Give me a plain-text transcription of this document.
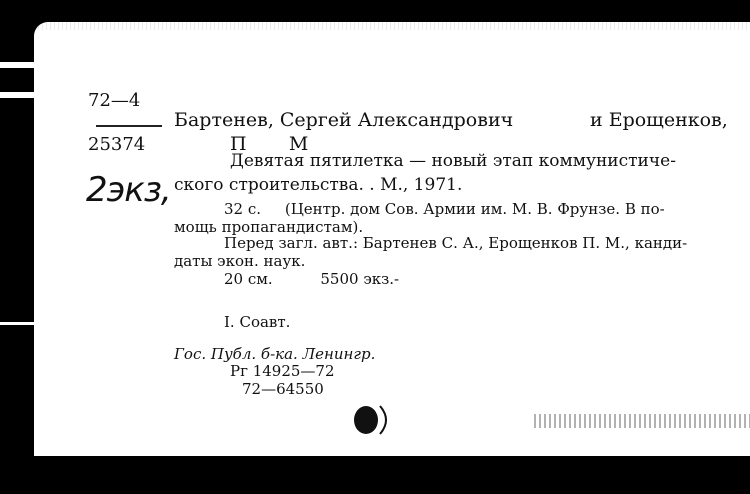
72—4
25374
2экз,
Бартенев, Сергей Александрович	и Ерощенков,
П       М
Девятая пятилетка — новый этап коммунистиче-
ского строительства. . М., 1971.
32 с.     (Центр. дом Сов. Армии им. М. В. Фрунзе. В по-
мощь пропагандистам).
Перед загл. авт.: Бартенев С. А., Ерощенков П. М., канди-
даты экон. наук.
20 см.          5500 экз.-
I. Соавт.
Гос. Публ. б-ка. Ленингр.
Рг 14925—72
72—64550
